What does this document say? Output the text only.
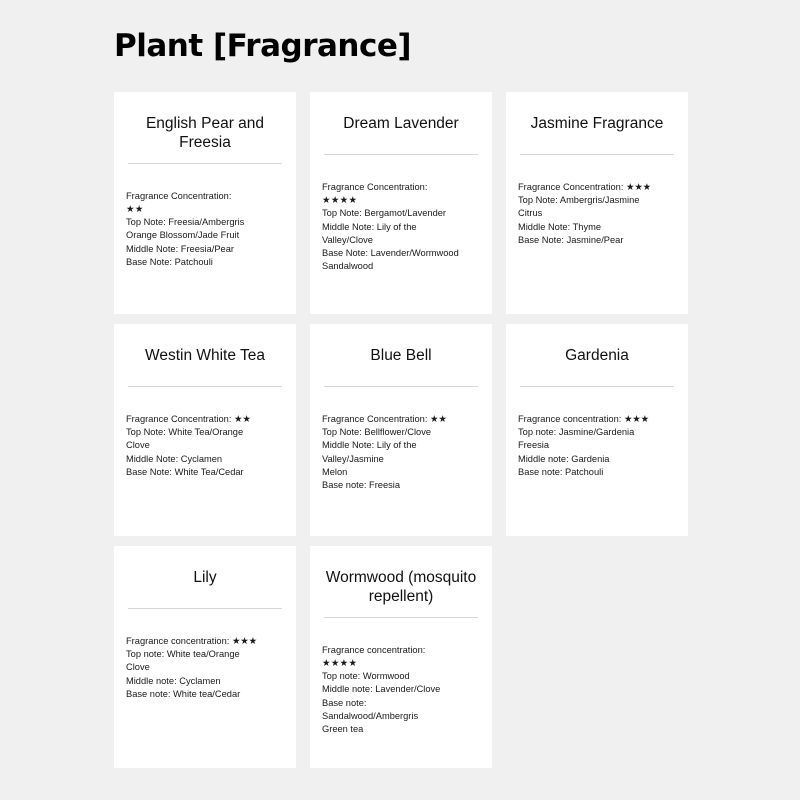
Plant [Fragrance]
English Pear and Freesia
Fragrance Concentration:
★★
Top Note: Freesia/Ambergris
Orange Blossom/Jade Fruit
Middle Note: Freesia/Pear
Base Note: Patchouli
Dream Lavender
Fragrance Concentration:
★★★★
Top Note: Bergamot/Lavender
Middle Note: Lily of the
Valley/Clove
Base Note: Lavender/Wormwood
Sandalwood
Jasmine Fragrance
Fragrance Concentration: ★★★
Top Note: Ambergris/Jasmine
Citrus
Middle Note: Thyme
Base Note: Jasmine/Pear
Westin White Tea
Fragrance Concentration: ★★
Top Note: White Tea/Orange
Clove
Middle Note: Cyclamen
Base Note: White Tea/Cedar
Blue Bell
Fragrance Concentration: ★★
Top Note: Bellflower/Clove
Middle Note: Lily of the
Valley/Jasmine
Melon
Base note: Freesia
Gardenia
Fragrance concentration: ★★★
Top note: Jasmine/Gardenia
Freesia
Middle note: Gardenia
Base note: Patchouli
Lily
Fragrance concentration: ★★★
Top note: White tea/Orange
Clove
Middle note: Cyclamen
Base note: White tea/Cedar
Wormwood (mosquito repellent)
Fragrance concentration:
★★★★
Top note: Wormwood
Middle note: Lavender/Clove
Base note:
Sandalwood/Ambergris
Green tea
